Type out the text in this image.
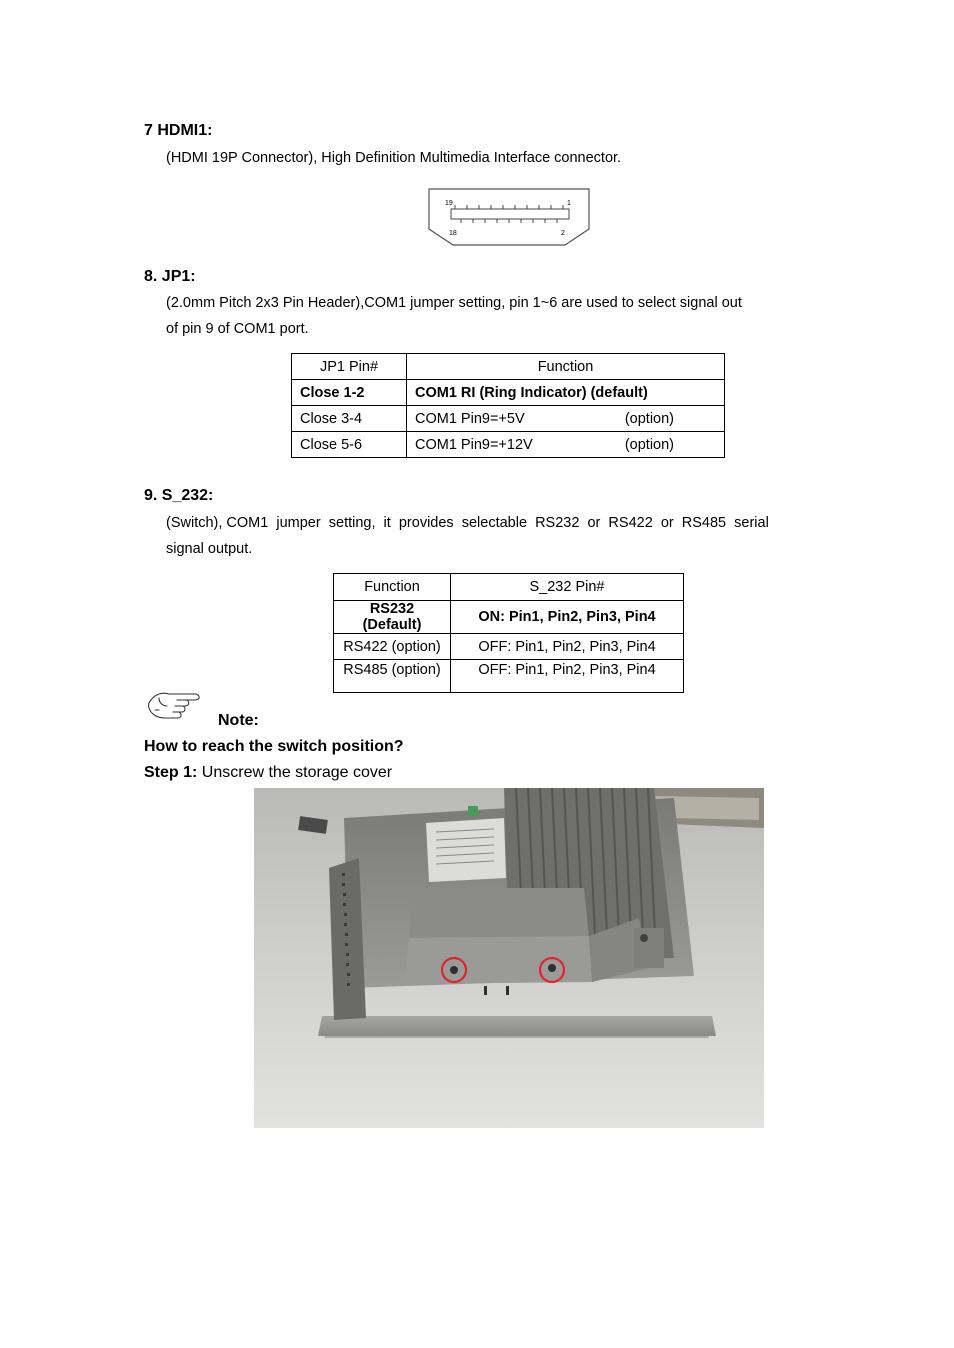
7 HDMI1:
(HDMI 19P Connector), High Definition Multimedia Interface connector.
19	1
18	2
8. JP1:
(2.0mm Pitch 2x3 Pin Header),COM1 jumper setting, pin 1~6 are used to select signal out
of pin 9 of COM1 port.
JP1 Pin#	Function
Close 1-2	COM1 RI (Ring Indicator) (default)
Close 3-4	COM1 Pin9=+5V (option)

Close 5-6	COM1 Pin9=+12V (option)
9. S_232:
(Switch), COM1  jumper  setting,  it  provides  selectable  RS232  or  RS422  or  RS485  serial
signal output.
Function	S_232 Pin#
RS232 (Default)	ON: Pin1, Pin2, Pin3, Pin4
RS422 (option)	OFF: Pin1, Pin2, Pin3, Pin4
RS485 (option)	OFF: Pin1, Pin2, Pin3, Pin4
Note:
How to reach the switch position?
Step 1: Unscrew the storage cover
